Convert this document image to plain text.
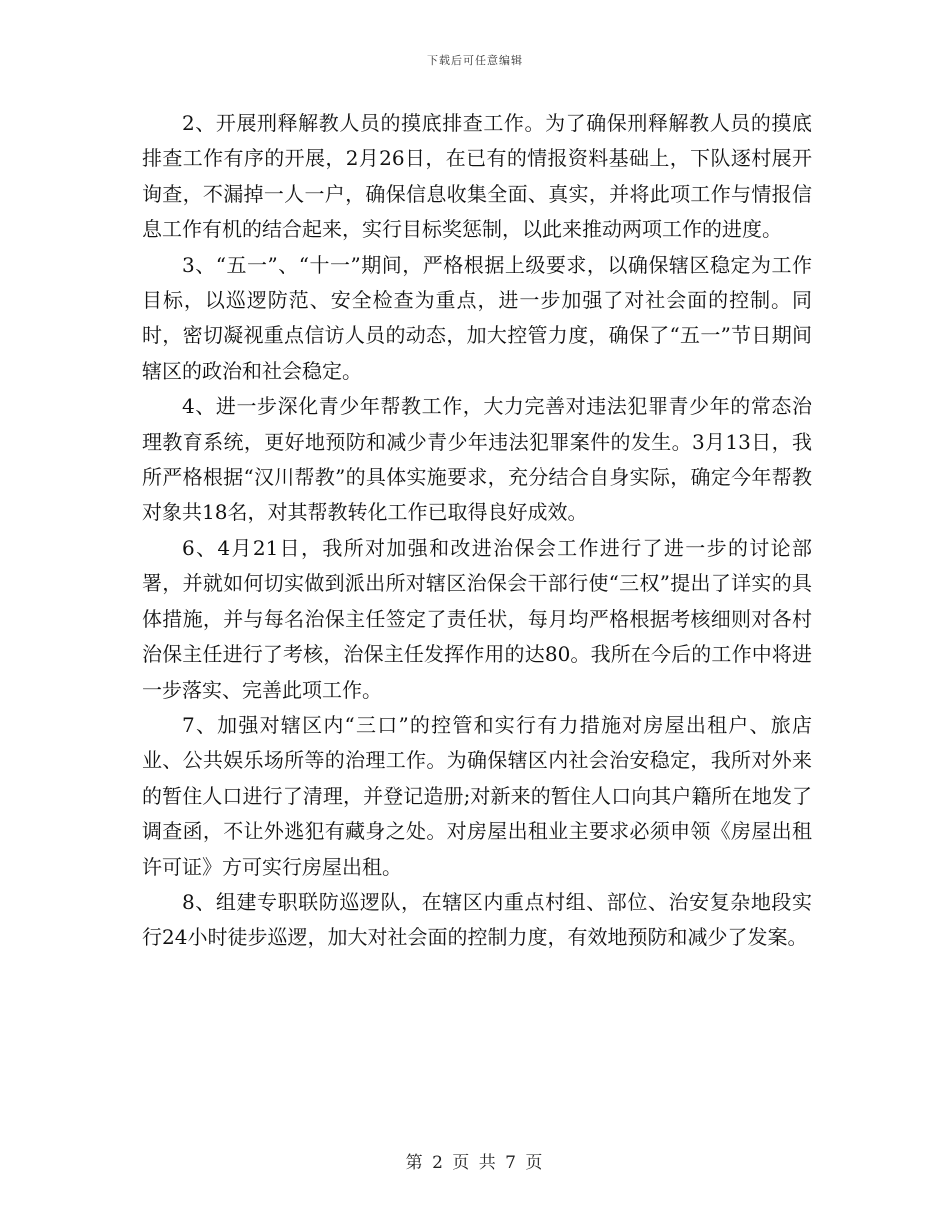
下载后可任意编辑

2、开展刑释解教人员的摸底排查工作。为了确保刑释解教人员的摸底排查工作有序的开展，2月26日，在已有的情报资料基础上，下队逐村展开询查，不漏掉一人一户，确保信息收集全面、真实，并将此项工作与情报信息工作有机的结合起来，实行目标奖惩制，以此来推动两项工作的进度。

3、“五一”、“十一”期间，严格根据上级要求，以确保辖区稳定为工作目标，以巡逻防范、安全检查为重点，进一步加强了对社会面的控制。同时，密切凝视重点信访人员的动态，加大控管力度，确保了“五一”节日期间辖区的政治和社会稳定。

4、进一步深化青少年帮教工作，大力完善对违法犯罪青少年的常态治理教育系统，更好地预防和减少青少年违法犯罪案件的发生。3月13日，我所严格根据“汉川帮教”的具体实施要求，充分结合自身实际，确定今年帮教对象共18名，对其帮教转化工作已取得良好成效。

6、4月21日，我所对加强和改进治保会工作进行了进一步的讨论部署，并就如何切实做到派出所对辖区治保会干部行使“三权”提出了详实的具体措施，并与每名治保主任签定了责任状，每月均严格根据考核细则对各村治保主任进行了考核，治保主任发挥作用的达80。我所在今后的工作中将进一步落实、完善此项工作。

7、加强对辖区内“三口”的控管和实行有力措施对房屋出租户、旅店业、公共娱乐场所等的治理工作。为确保辖区内社会治安稳定，我所对外来的暂住人口进行了清理，并登记造册;对新来的暂住人口向其户籍所在地发了调查函，不让外逃犯有藏身之处。对房屋出租业主要求必须申领《房屋出租许可证》方可实行房屋出租。

8、组建专职联防巡逻队，在辖区内重点村组、部位、治安复杂地段实行24小时徒步巡逻，加大对社会面的控制力度，有效地预防和减少了发案。

第 2 页 共 7 页
